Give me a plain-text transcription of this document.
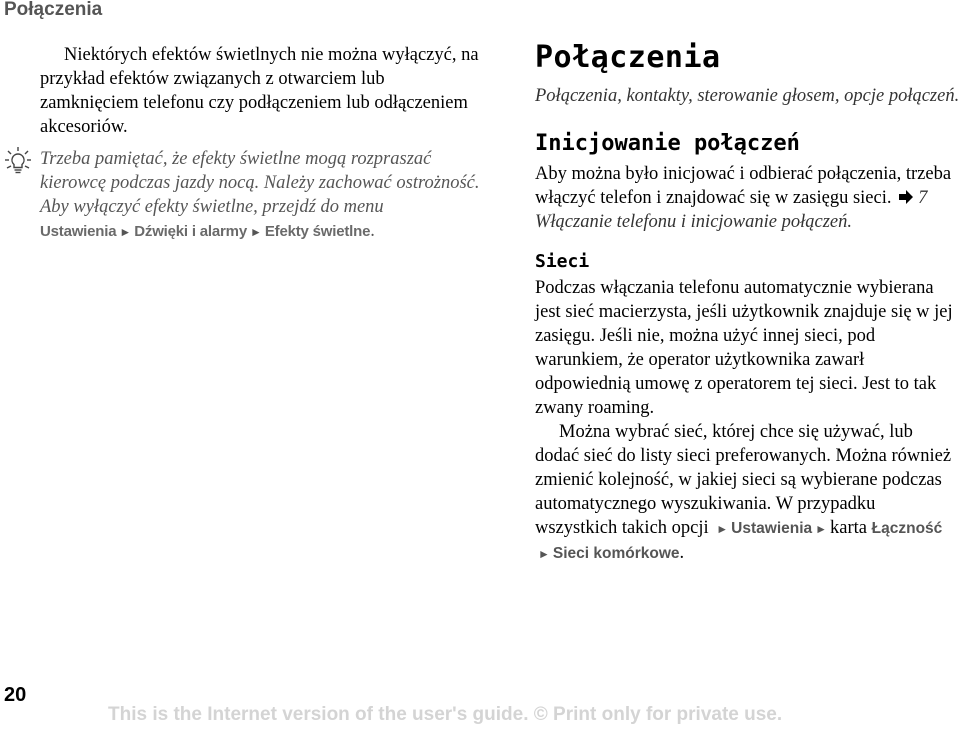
Połączenia

Niektórych efektów świetlnych nie można wyłączyć, na przykład efektów związanych z otwarciem lub zamknięciem telefonu czy podłączeniem lub odłączeniem akcesoriów.

Trzeba pamiętać, że efekty świetlne mogą rozpraszać kierowcę podczas jazdy nocą. Należy zachować ostrożność. Aby wyłączyć efekty świetlne, przejdź do menu Ustawienia ► Dźwięki i alarmy ► Efekty świetlne.
Połączenia

Połączenia, kontakty, sterowanie głosem, opcje połączeń.

Inicjowanie połączeń

Aby można było inicjować i odbierać połączenia, trzeba włączyć telefon i znajdować się w zasięgu sieci. 7 Włączanie telefonu i inicjowanie połączeń.

Sieci

Podczas włączania telefonu automatycznie wybierana jest sieć macierzysta, jeśli użytkownik znajduje się w jej zasięgu. Jeśli nie, można użyć innej sieci, pod warunkiem, że operator użytkownika zawarł odpowiednią umowę z operatorem tej sieci. Jest to tak zwany roaming.

Można wybrać sieć, której chce się używać, lub dodać sieć do listy sieci preferowanych. Można również zmienić kolejność, w jakiej sieci są wybierane podczas automatycznego wyszukiwania. W przypadku wszystkich takich opcji ► Ustawienia ► karta Łączność ► Sieci komórkowe.

20
This is the Internet version of the user's guide. © Print only for private use.
